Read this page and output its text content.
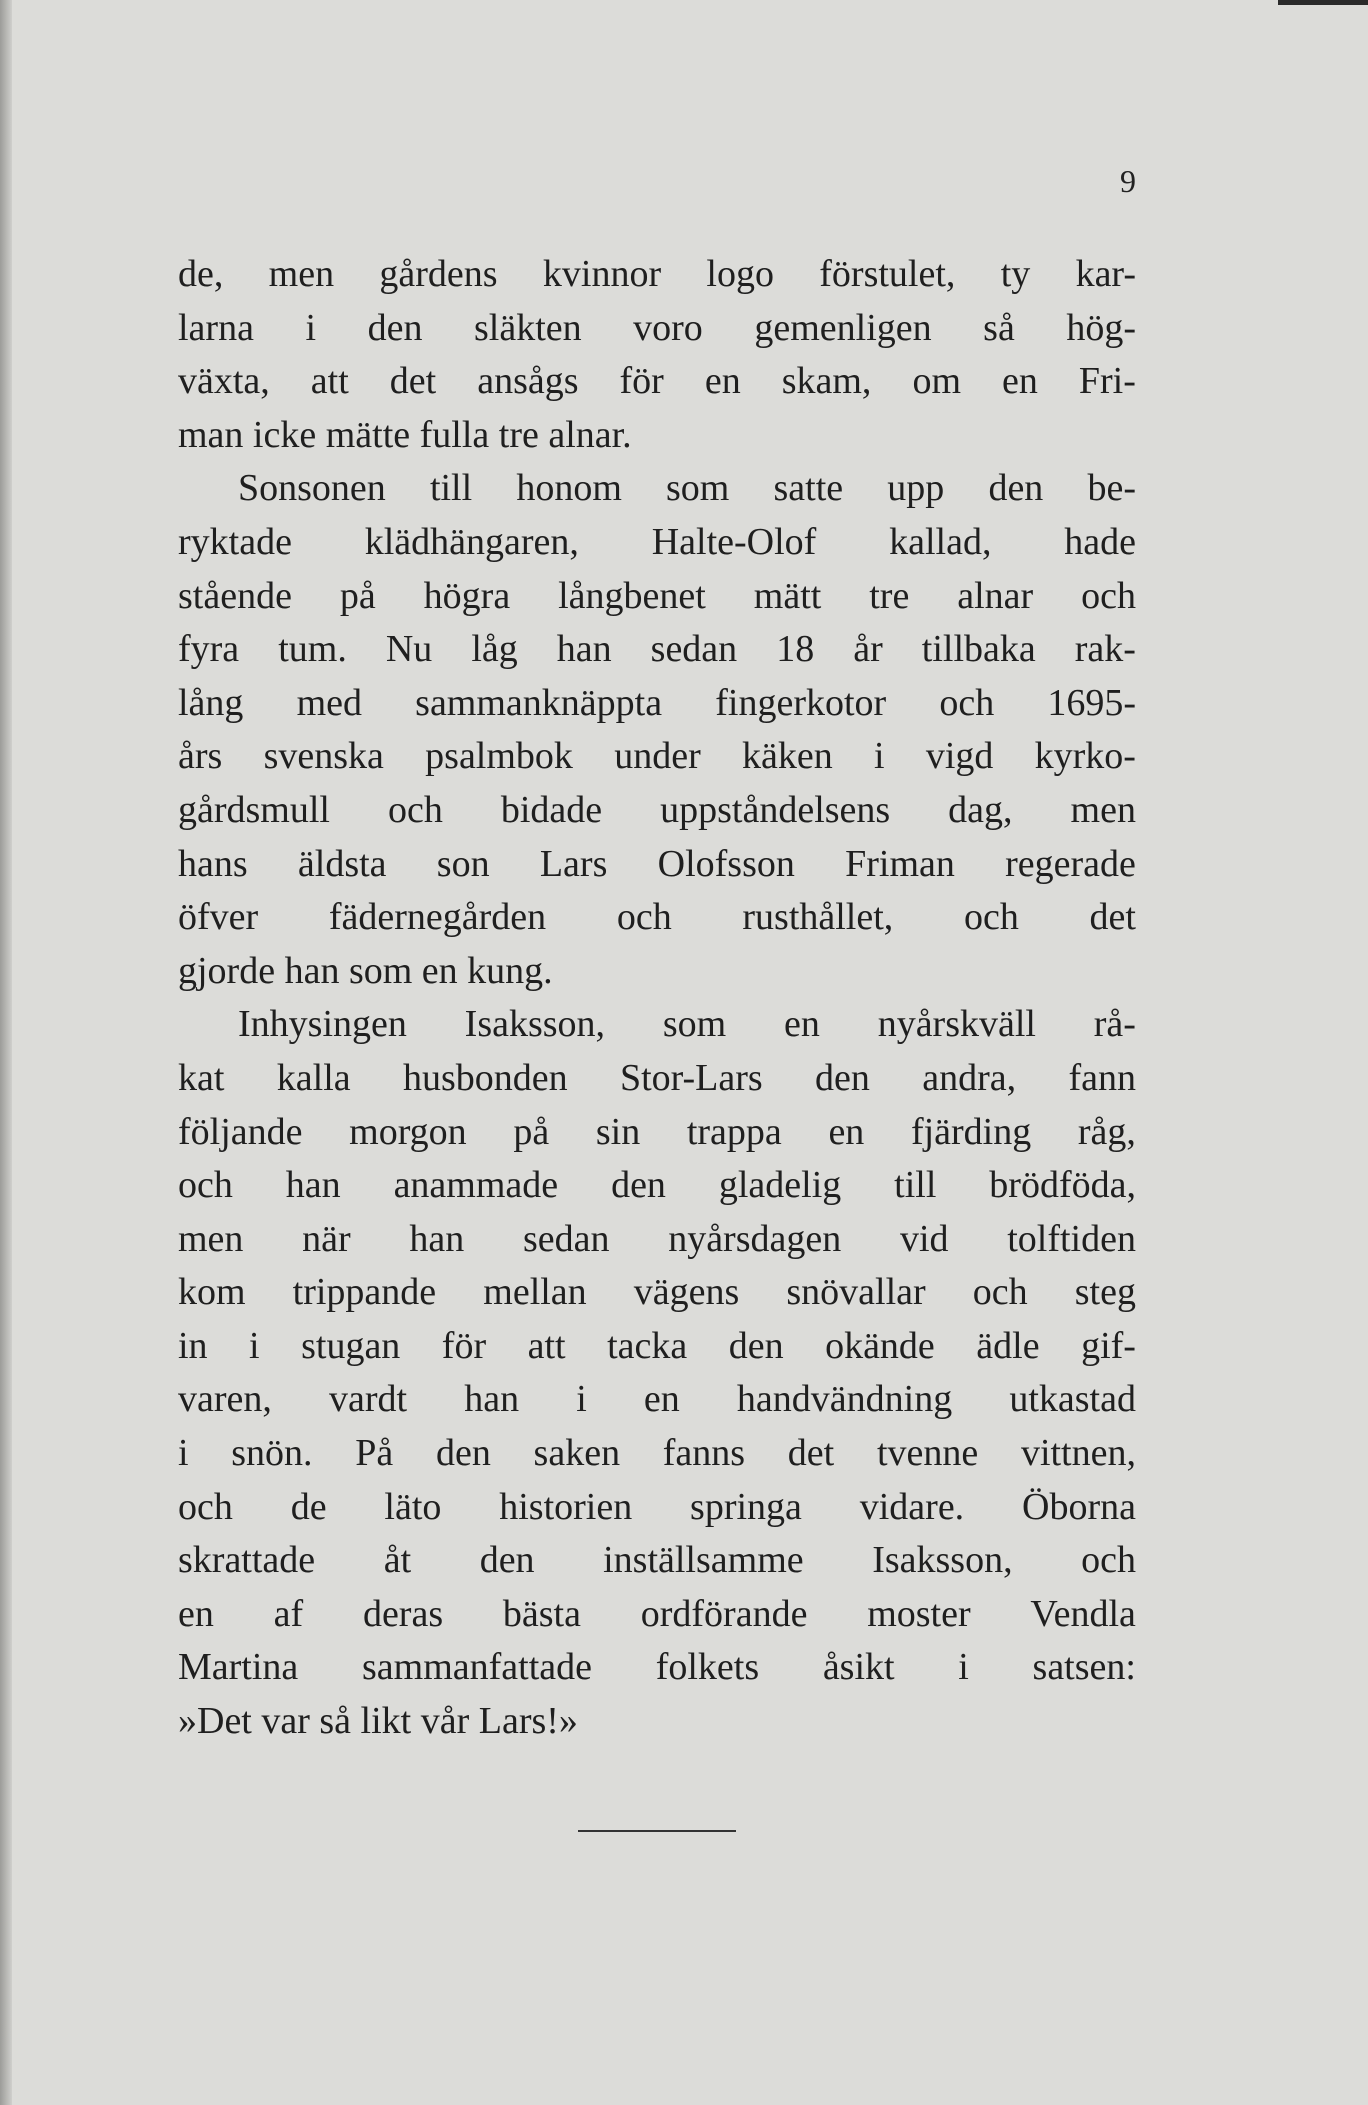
9
de, men gårdens kvinnor logo förstulet, ty kar-
larna i den släkten voro gemenligen så hög-
växta, att det ansågs för en skam, om en Fri-
man icke mätte fulla tre alnar.
Sonsonen till honom som satte upp den be-
ryktade klädhängaren, Halte-Olof kallad, hade
stående på högra långbenet mätt tre alnar och
fyra tum. Nu låg han sedan 18 år tillbaka rak-
lång med sammanknäppta fingerkotor och 1695-
års svenska psalmbok under käken i vigd kyrko-
gårdsmull och bidade uppståndelsens dag, men
hans äldsta son Lars Olofsson Friman regerade
öfver fädernegården och rusthållet, och det
gjorde han som en kung.
Inhysingen Isaksson, som en nyårskväll rå-
kat kalla husbonden Stor-Lars den andra, fann
följande morgon på sin trappa en fjärding råg,
och han anammade den gladelig till brödföda,
men när han sedan nyårsdagen vid tolftiden
kom trippande mellan vägens snövallar och steg
in i stugan för att tacka den okände ädle gif-
varen, vardt han i en handvändning utkastad
i snön. På den saken fanns det tvenne vittnen,
och de läto historien springa vidare. Öborna
skrattade åt den inställsamme Isaksson, och
en af deras bästa ordförande moster Vendla
Martina sammanfattade folkets åsikt i satsen:
»Det var så likt vår Lars!»
